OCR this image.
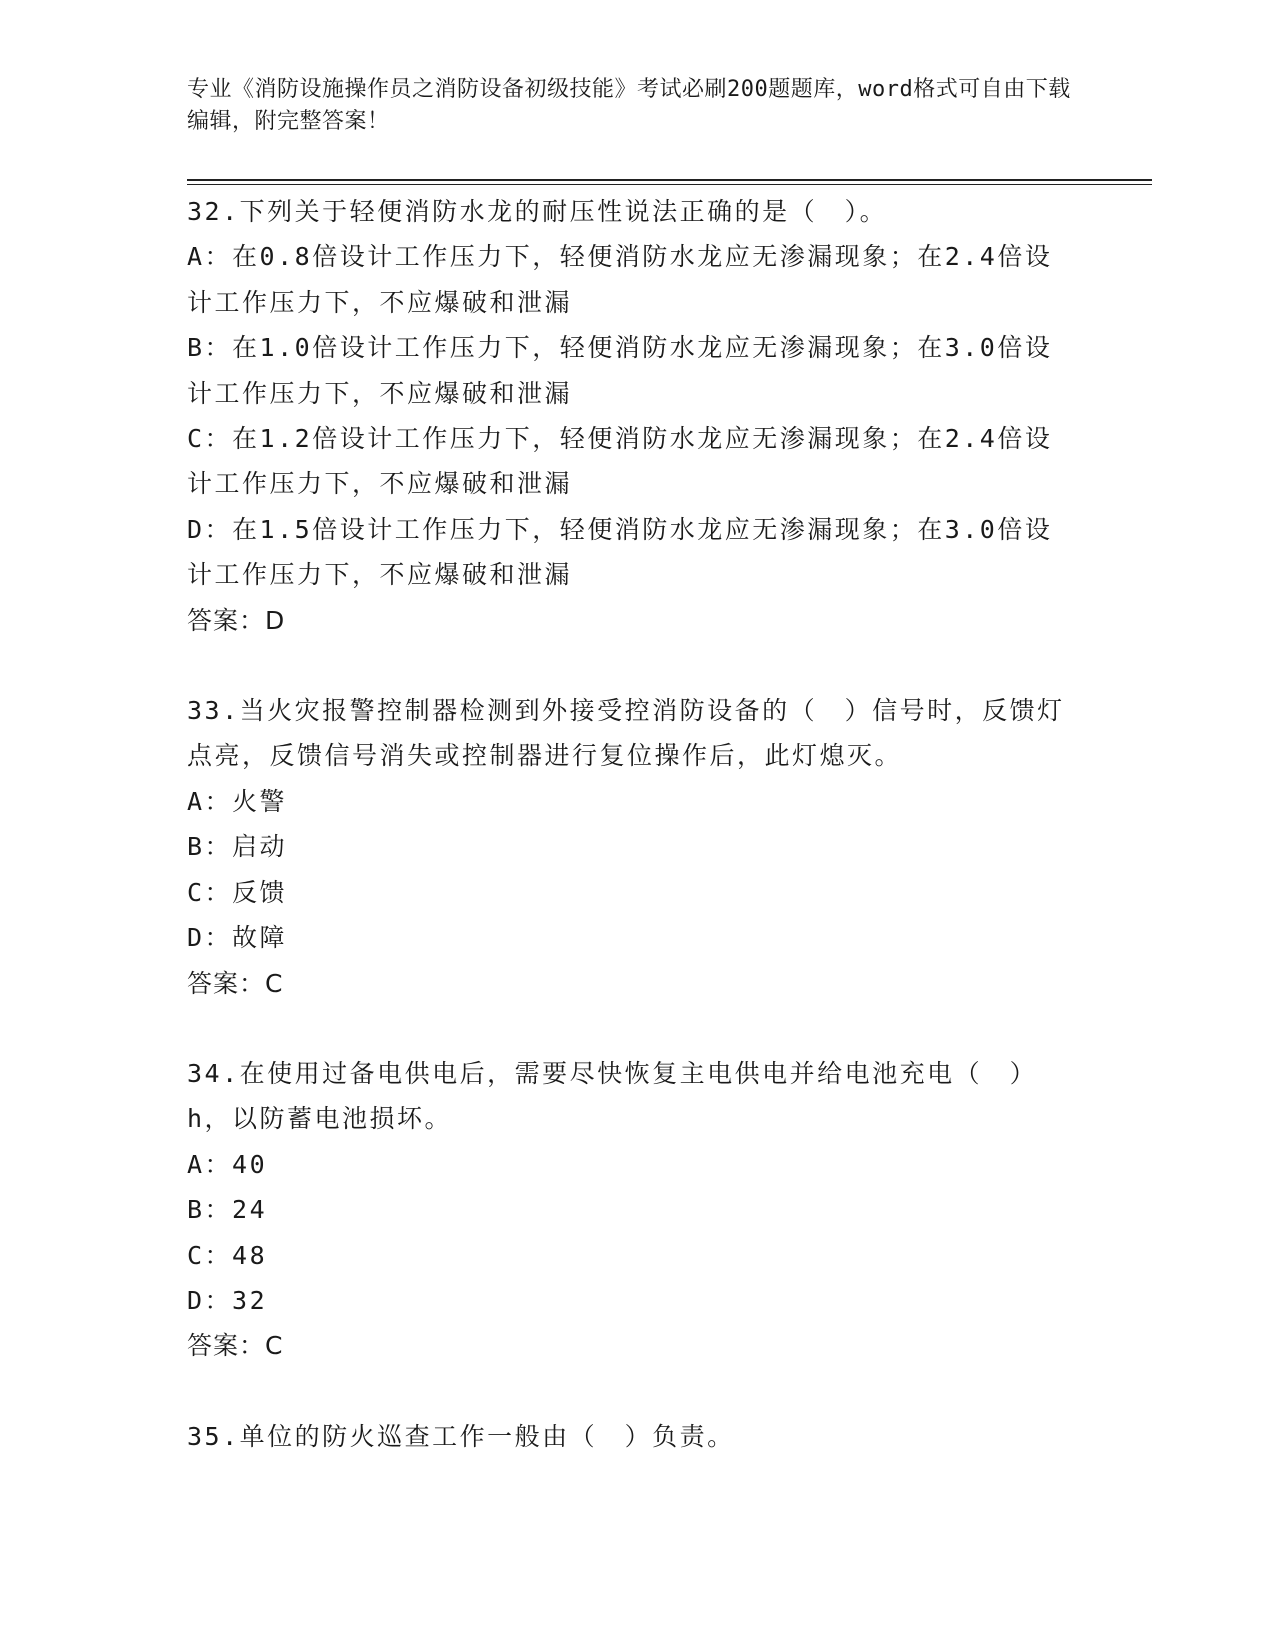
专业《消防设施操作员之消防设备初级技能》考试必刷200题题库，word格式可自由下载编辑，附完整答案！

32.下列关于轻便消防水龙的耐压性说法正确的是（　）。

A：在0.8倍设计工作压力下，轻便消防水龙应无渗漏现象；在2.4倍设计工作压力下，不应爆破和泄漏

B：在1.0倍设计工作压力下，轻便消防水龙应无渗漏现象；在3.0倍设计工作压力下，不应爆破和泄漏

C：在1.2倍设计工作压力下，轻便消防水龙应无渗漏现象；在2.4倍设计工作压力下，不应爆破和泄漏

D：在1.5倍设计工作压力下，轻便消防水龙应无渗漏现象；在3.0倍设计工作压力下，不应爆破和泄漏

答案：D

33.当火灾报警控制器检测到外接受控消防设备的（　）信号时，反馈灯点亮，反馈信号消失或控制器进行复位操作后，此灯熄灭。

A：火警

B：启动

C：反馈

D：故障

答案：C

34.在使用过备电供电后，需要尽快恢复主电供电并给电池充电（　）h，以防蓄电池损坏。

A：40

B：24

C：48

D：32

答案：C

35.单位的防火巡查工作一般由（　）负责。
